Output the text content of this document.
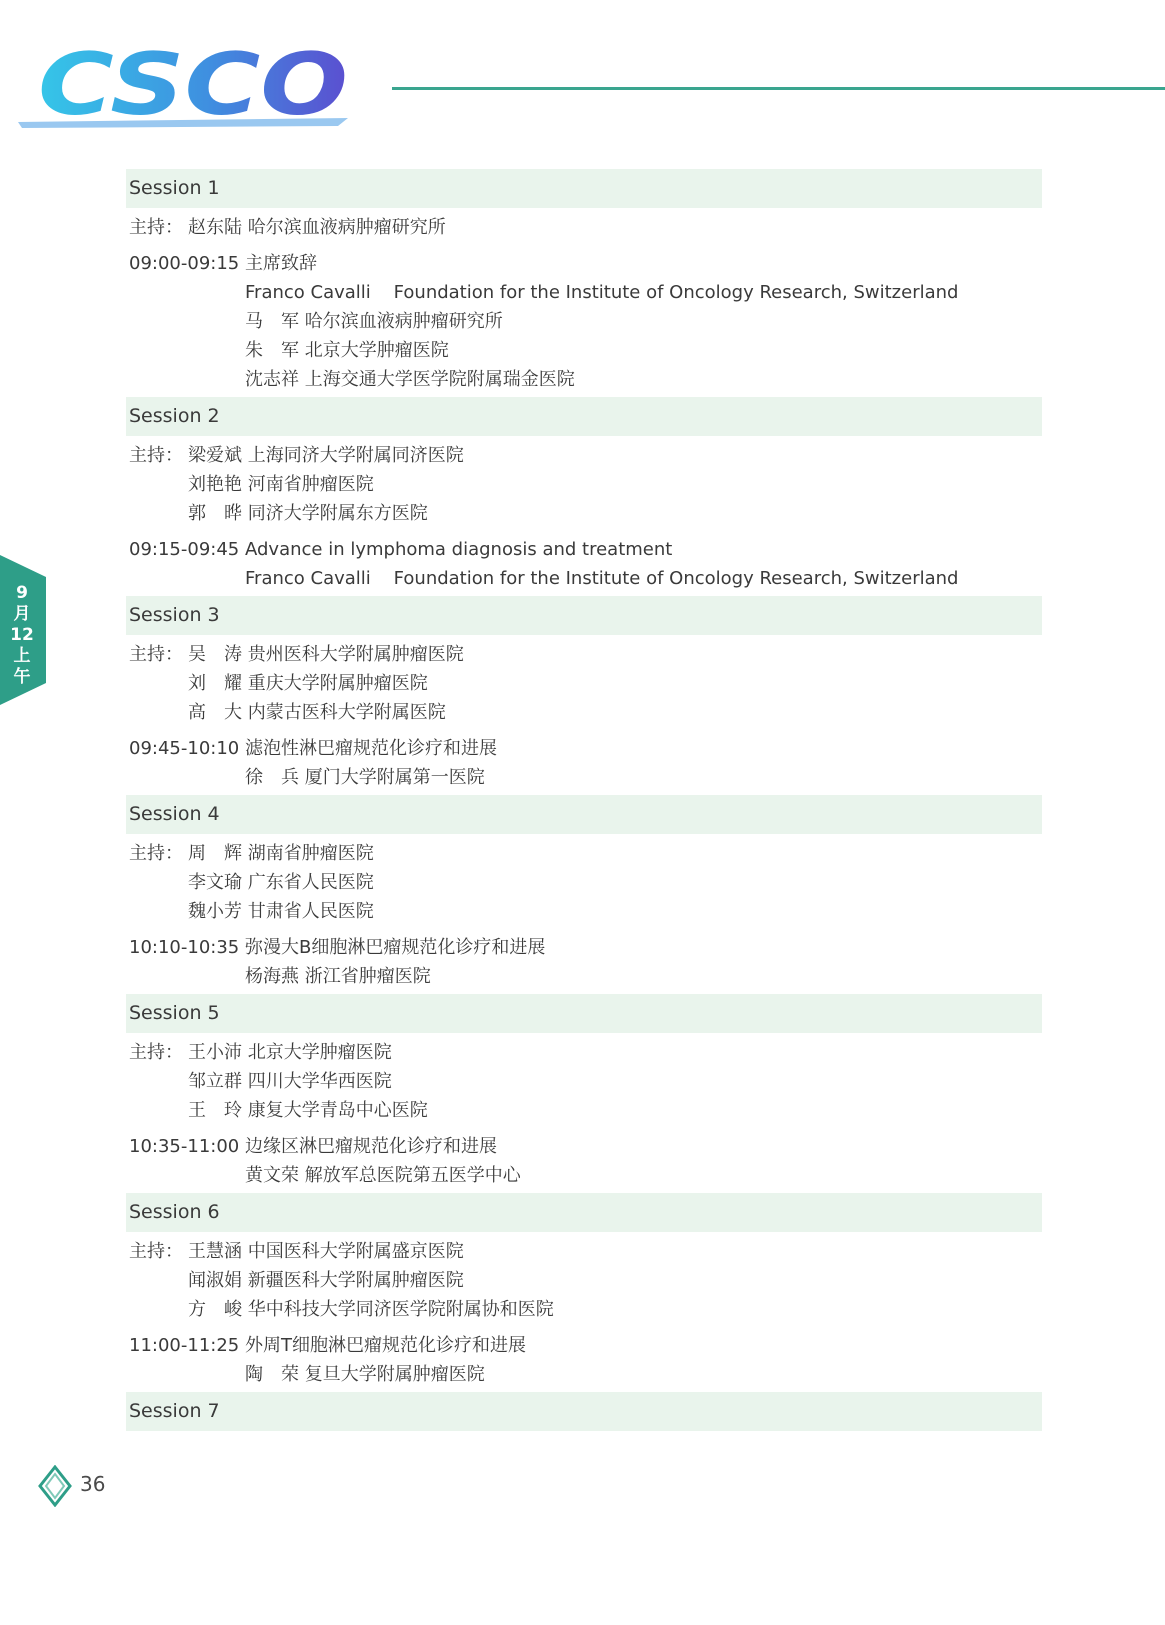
CSCO
9
月
12
上
午
Session 1
主持： 赵东陆 哈尔滨血液病肿瘤研究所
09:00-09:15 主席致辞
Franco Cavalli    Foundation for the Institute of Oncology Research, Switzerland
马　军 哈尔滨血液病肿瘤研究所
朱　军 北京大学肿瘤医院
沈志祥 上海交通大学医学院附属瑞金医院
Session 2
主持： 梁爱斌 上海同济大学附属同济医院
刘艳艳 河南省肿瘤医院
郭　晔 同济大学附属东方医院
09:15-09:45 Advance in lymphoma diagnosis and treatment
Franco Cavalli    Foundation for the Institute of Oncology Research, Switzerland
Session 3
主持： 吴　涛 贵州医科大学附属肿瘤医院
刘　耀 重庆大学附属肿瘤医院
高　大 内蒙古医科大学附属医院
09:45-10:10 滤泡性淋巴瘤规范化诊疗和进展
徐　兵 厦门大学附属第一医院
Session 4
主持： 周　辉 湖南省肿瘤医院
李文瑜 广东省人民医院
魏小芳 甘肃省人民医院
10:10-10:35 弥漫大B细胞淋巴瘤规范化诊疗和进展
杨海燕 浙江省肿瘤医院
Session 5
主持： 王小沛 北京大学肿瘤医院
邹立群 四川大学华西医院
王　玲 康复大学青岛中心医院
10:35-11:00 边缘区淋巴瘤规范化诊疗和进展
黄文荣 解放军总医院第五医学中心
Session 6
主持： 王慧涵 中国医科大学附属盛京医院
闻淑娟 新疆医科大学附属肿瘤医院
方　峻 华中科技大学同济医学院附属协和医院
11:00-11:25 外周T细胞淋巴瘤规范化诊疗和进展
陶　荣 复旦大学附属肿瘤医院
Session 7
36
